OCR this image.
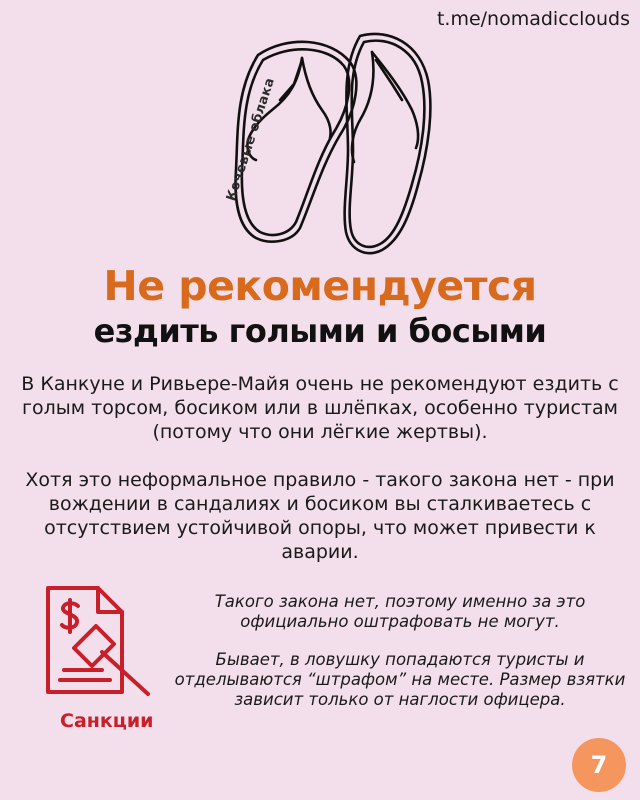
t.me/nomadicclouds
Кочевые облака
Не рекомендуется
ездить голыми и босыми
В Канкуне и Ривьере-Майя очень не рекомендуют ездить с голым торсом, босиком или в шлёпках, особенно туристам (потому что они лёгкие жертвы).
Хотя это неформальное правило - такого закона нет - при вождении в сандалиях и босиком вы сталкиваетесь с отсутствием устойчивой опоры, что может привести к аварии.
Санкции
Такого закона нет, поэтому именно за это официально оштрафовать не могут.
Бывает, в ловушку попадаются туристы и отделываются “штрафом” на месте. Размер взятки зависит только от наглости офицера.
7
